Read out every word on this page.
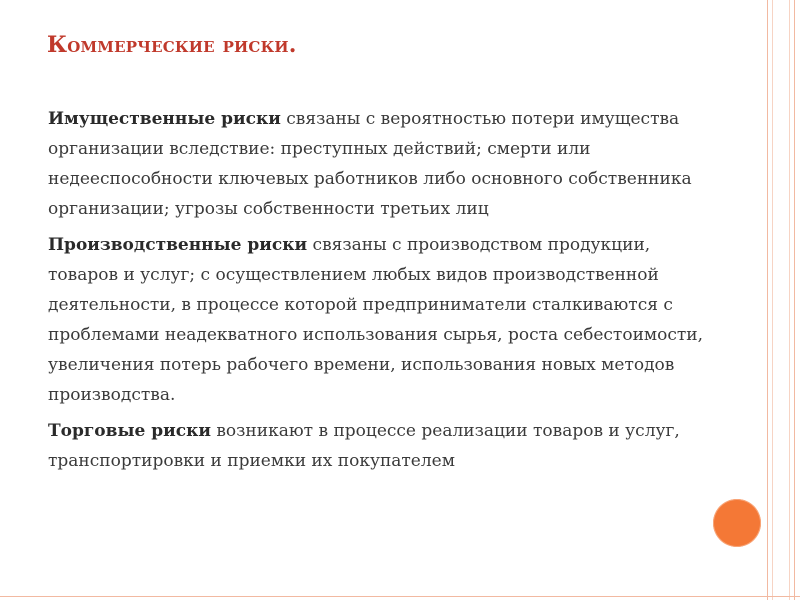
Коммерческие риски.

Имущественные риски связаны с вероятностью потери имущества организации вследствие: преступных действий; смерти или недееспособности ключевых работников либо основного собственника организации; угрозы собственности третьих лиц

Производственные риски связаны с производством продукции, товаров и услуг; с осуществлением любых видов производственной деятельности, в процессе которой предприниматели сталкиваются с проблемами неадекватного использования сырья, роста себестоимости, увеличения потерь рабочего времени, использования новых методов производства.

Торговые риски возникают в процессе реализации товаров и услуг, транспортировки и приемки их покупателем
